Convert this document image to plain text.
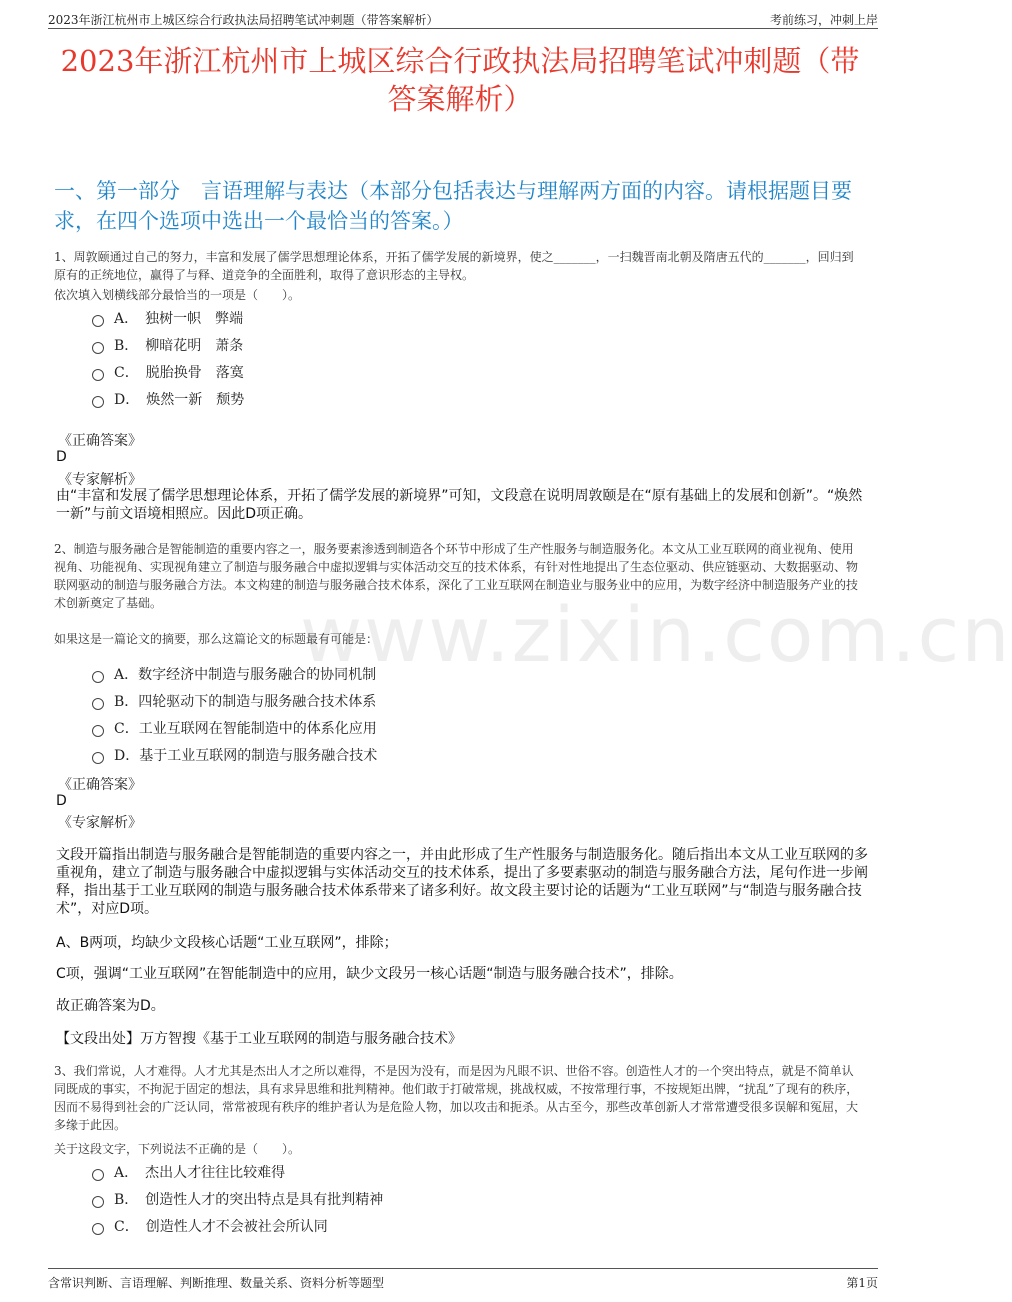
2023年浙江杭州市上城区综合行政执法局招聘笔试冲刺题（带答案解析）	考前练习，冲刺上岸
2023年浙江杭州市上城区综合行政执法局招聘笔试冲刺题（带答案解析）
一、第一部分　言语理解与表达（本部分包括表达与理解两方面的内容。请根据题目要求，在四个选项中选出一个最恰当的答案。）
www.zixin.com.cn

1、周敦颐通过自己的努力，丰富和发展了儒学思想理论体系，开拓了儒学发展的新境界，使之_______，一扫魏晋南北朝及隋唐五代的_______，回归到原有的正统地位，赢得了与释、道竞争的全面胜利，取得了意识形态的主导权。

依次填入划横线部分最恰当的一项是（　　）。

A．　独树一帜　弊端
B．　柳暗花明　萧条
C．　脱胎换骨　落寞
D．　焕然一新　颓势

《正确答案》

D

《专家解析》

由“丰富和发展了儒学思想理论体系，开拓了儒学发展的新境界”可知，文段意在说明周敦颐是在“原有基础上的发展和创新”。“焕然一新”与前文语境相照应。因此D项正确。

2、制造与服务融合是智能制造的重要内容之一，服务要素渗透到制造各个环节中形成了生产性服务与制造服务化。本文从工业互联网的商业视角、使用视角、功能视角、实现视角建立了制造与服务融合中虚拟逻辑与实体活动交互的技术体系，有针对性地提出了生态位驱动、供应链驱动、大数据驱动、物联网驱动的制造与服务融合方法。本文构建的制造与服务融合技术体系，深化了工业互联网在制造业与服务业中的应用，为数字经济中制造服务产业的技术创新奠定了基础。

如果这是一篇论文的摘要，那么这篇论文的标题最有可能是：

A．数字经济中制造与服务融合的协同机制
B．四轮驱动下的制造与服务融合技术体系
C．工业互联网在智能制造中的体系化应用
D．基于工业互联网的制造与服务融合技术

《正确答案》

D

《专家解析》

文段开篇指出制造与服务融合是智能制造的重要内容之一，并由此形成了生产性服务与制造服务化。随后指出本文从工业互联网的多重视角，建立了制造与服务融合中虚拟逻辑与实体活动交互的技术体系，提出了多要素驱动的制造与服务融合方法，尾句作进一步阐释，指出基于工业互联网的制造与服务融合技术体系带来了诸多利好。故文段主要讨论的话题为“工业互联网”与“制造与服务融合技术”，对应D项。

A、B两项，均缺少文段核心话题“工业互联网”，排除；

C项，强调“工业互联网”在智能制造中的应用，缺少文段另一核心话题“制造与服务融合技术”，排除。

故正确答案为D。

【文段出处】万方智搜《基于工业互联网的制造与服务融合技术》

3、我们常说，人才难得。人才尤其是杰出人才之所以难得，不是因为没有，而是因为凡眼不识、世俗不容。创造性人才的一个突出特点，就是不简单认同既成的事实，不拘泥于固定的想法，具有求异思维和批判精神。他们敢于打破常规，挑战权威，不按常理行事，不按规矩出牌，“扰乱”了现有的秩序，因而不易得到社会的广泛认同，常常被现有秩序的维护者认为是危险人物，加以攻击和扼杀。从古至今，那些改革创新人才常常遭受很多误解和冤屈，大多缘于此因。

关于这段文字，下列说法不正确的是（　　）。

A．　杰出人才往往比较难得
B．　创造性人才的突出特点是具有批判精神
C．　创造性人才不会被社会所认同
含常识判断、言语理解、判断推理、数量关系、资料分析等题型	第1页
